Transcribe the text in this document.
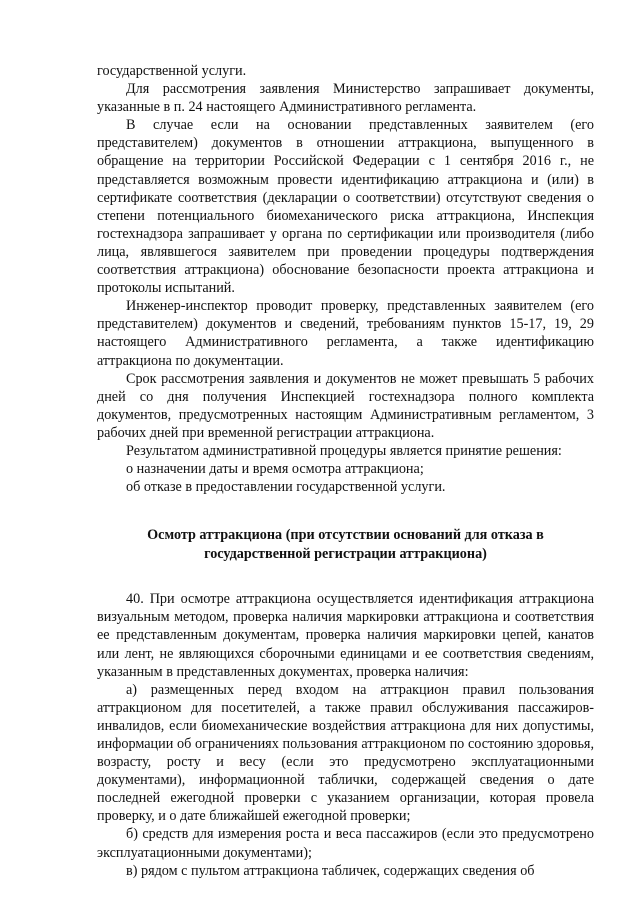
государственной услуги.

Для рассмотрения заявления Министерство запрашивает документы, указанные в п. 24 настоящего Административного регламента.

В случае если на основании представленных заявителем (его представителем) документов в отношении аттракциона, выпущенного в обращение на территории Российской Федерации с 1 сентября 2016 г., не представляется возможным провести идентификацию аттракциона и (или) в сертификате соответствия (декларации о соответствии) отсутствуют сведения о степени потенциального биомеханического риска аттракциона, Инспекция гостехнадзора запрашивает у органа по сертификации или производителя (либо лица, являвшегося заявителем при проведении процедуры подтверждения соответствия аттракциона) обоснование безопасности проекта аттракциона и протоколы испытаний.

Инженер-инспектор проводит проверку, представленных заявителем (его представителем) документов и сведений, требованиям пунктов 15-17, 19, 29 настоящего Административного регламента, а также идентификацию аттракциона по документации.

Срок рассмотрения заявления и документов не может превышать 5 рабочих дней со дня получения Инспекцией гостехнадзора полного комплекта документов, предусмотренных настоящим Административным регламентом, 3 рабочих дней при временной регистрации аттракциона.

Результатом административной процедуры является принятие решения:

о назначении даты и время осмотра аттракциона;

об отказе в предоставлении государственной услуги.

Осмотр аттракциона (при отсутствии оснований для отказа в государственной регистрации аттракциона)

40. При осмотре аттракциона осуществляется идентификация аттракциона визуальным методом, проверка наличия маркировки аттракциона и соответствия ее представленным документам, проверка наличия маркировки цепей, канатов или лент, не являющихся сборочными единицами и ее соответствия сведениям, указанным в представленных документах, проверка наличия:

а) размещенных перед входом на аттракцион правил пользования аттракционом для посетителей, а также правил обслуживания пассажиров-инвалидов, если биомеханические воздействия аттракциона для них допустимы, информации об ограничениях пользования аттракционом по состоянию здоровья, возрасту, росту и весу (если это предусмотрено эксплуатационными документами), информационной таблички, содержащей сведения о дате последней ежегодной проверки с указанием организации, которая провела проверку, и о дате ближайшей ежегодной проверки;

б) средств для измерения роста и веса пассажиров (если это предусмотрено эксплуатационными документами);

в) рядом с пультом аттракциона табличек, содержащих сведения об
